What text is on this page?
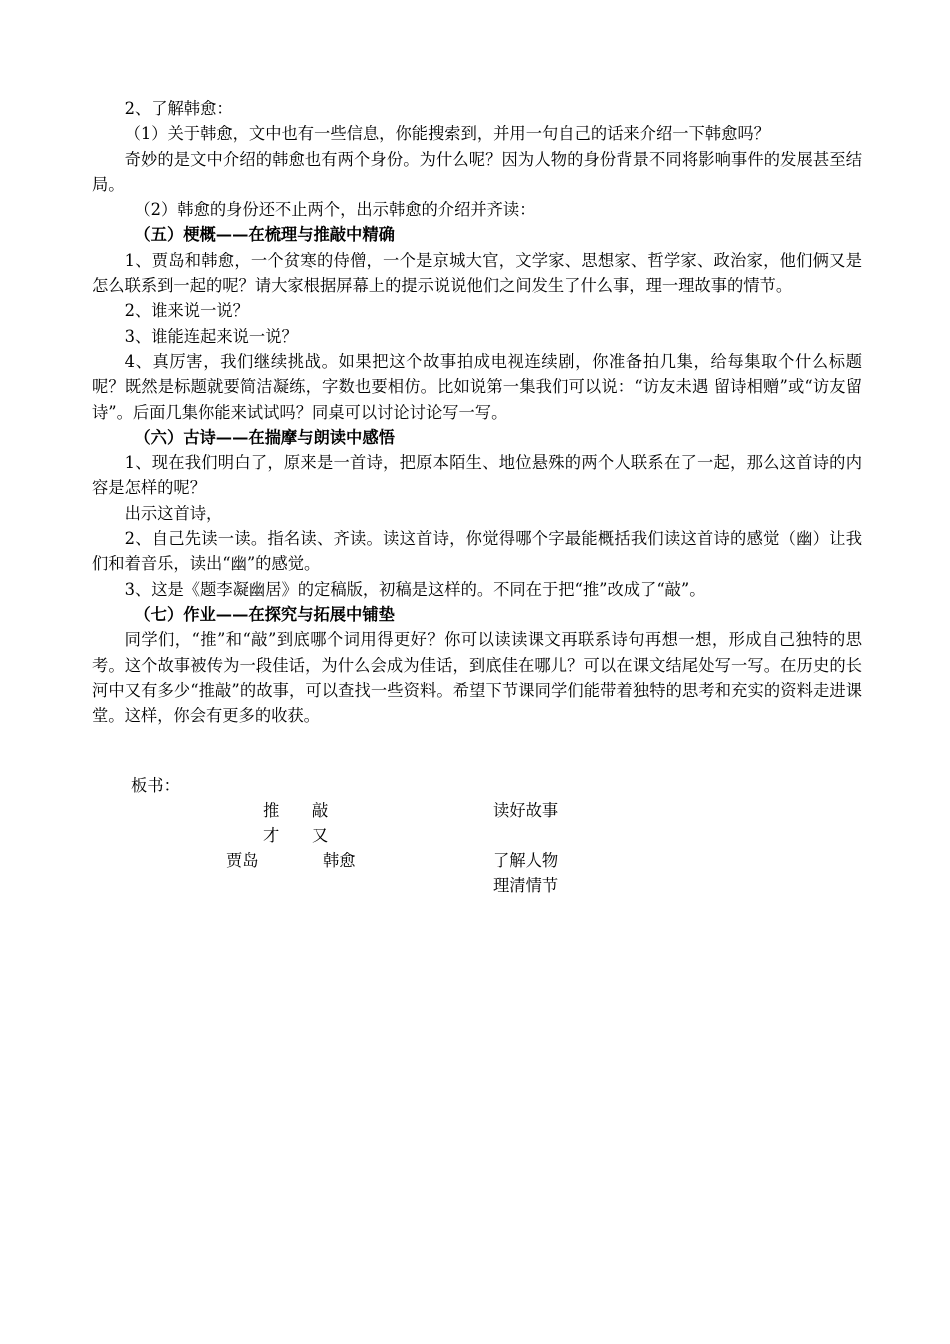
2、了解韩愈：

（1）关于韩愈，文中也有一些信息，你能搜索到，并用一句自己的话来介绍一下韩愈吗？

奇妙的是文中介绍的韩愈也有两个身份。为什么呢？因为人物的身份背景不同将影响事件的发展甚至结局。

（2）韩愈的身份还不止两个，出示韩愈的介绍并齐读：

（五）梗概——在梳理与推敲中精确

1、贾岛和韩愈，一个贫寒的侍僧，一个是京城大官，文学家、思想家、哲学家、政治家，他们俩又是怎么联系到一起的呢？请大家根据屏幕上的提示说说他们之间发生了什么事，理一理故事的情节。

2、谁来说一说？

3、谁能连起来说一说？

4、真厉害，我们继续挑战。如果把这个故事拍成电视连续剧，你准备拍几集，给每集取个什么标题呢？既然是标题就要简洁凝练，字数也要相仿。比如说第一集我们可以说：“访友未遇 留诗相赠”或“访友留诗”。后面几集你能来试试吗？同桌可以讨论讨论写一写。

（六）古诗——在揣摩与朗读中感悟

1、现在我们明白了，原来是一首诗，把原本陌生、地位悬殊的两个人联系在了一起，那么这首诗的内容是怎样的呢？

出示这首诗，

2、自己先读一读。指名读、齐读。读这首诗，你觉得哪个字最能概括我们读这首诗的感觉（幽）让我们和着音乐，读出“幽”的感觉。

3、这是《题李凝幽居》的定稿版，初稿是这样的。不同在于把“推”改成了“敲”。

（七）作业——在探究与拓展中铺垫

同学们，“推”和“敲”到底哪个词用得更好？你可以读读课文再联系诗句再想一想，形成自己独特的思考。这个故事被传为一段佳话，为什么会成为佳话，到底佳在哪儿？可以在课文结尾处写一写。在历史的长河中又有多少“推敲”的故事，可以查找一些资料。希望下节课同学们能带着独特的思考和充实的资料走进课堂。这样，你会有更多的收获。

板书：
推 敲	读好故事
才 又
贾岛	韩愈	了解人物
理清情节
